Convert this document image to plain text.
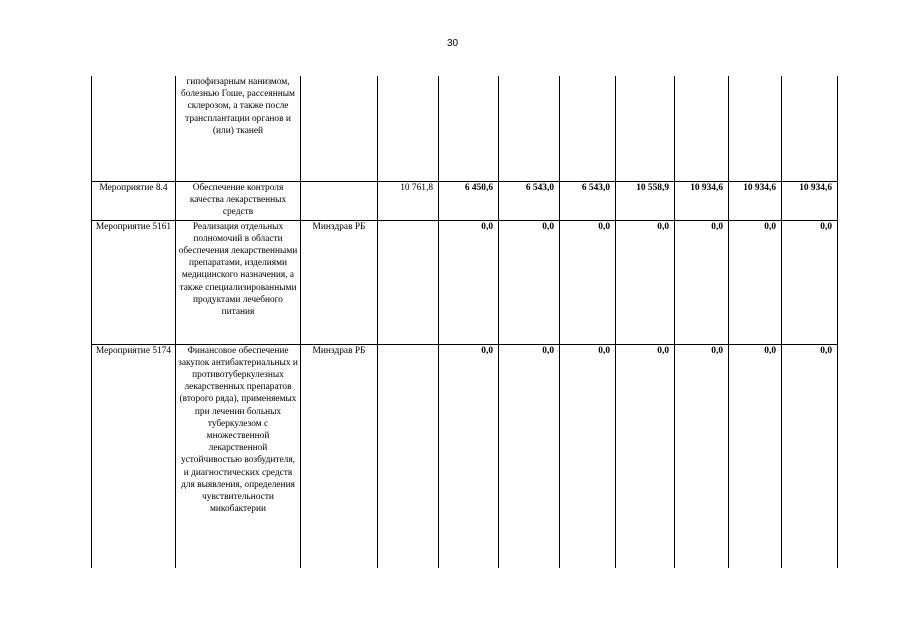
30
	гипофизарным нанизмом, болезнью Гоше, рассеянным склерозом, а также после трансплантации органов и (или) тканей									
Мероприятие 8.4	Обеспечение контроля качества лекарственных средств		10 761,8	6 450,6	6 543,0	6 543,0	10 558,9	10 934,6	10 934,6	10 934,6
Мероприятие 5161	Реализация отдельных полномочий в области обеспечения лекарственными препаратами, изделиями медицинского назначения, а также специализированными продуктами лечебного питания	Минздрав РБ		0,0	0,0	0,0	0,0	0,0	0,0	0,0
Мероприятие 5174	Финансовое обеспечение закупок антибактериальных и противотуберкулезных лекарственных препаратов (второго ряда), применяемых при лечении больных туберкулезом с множественной лекарственной устойчивостью возбудителя, и диагностических средств для выявления, определения чувствительности микобактерии	Минздрав РБ		0,0	0,0	0,0	0,0	0,0	0,0	0,0
